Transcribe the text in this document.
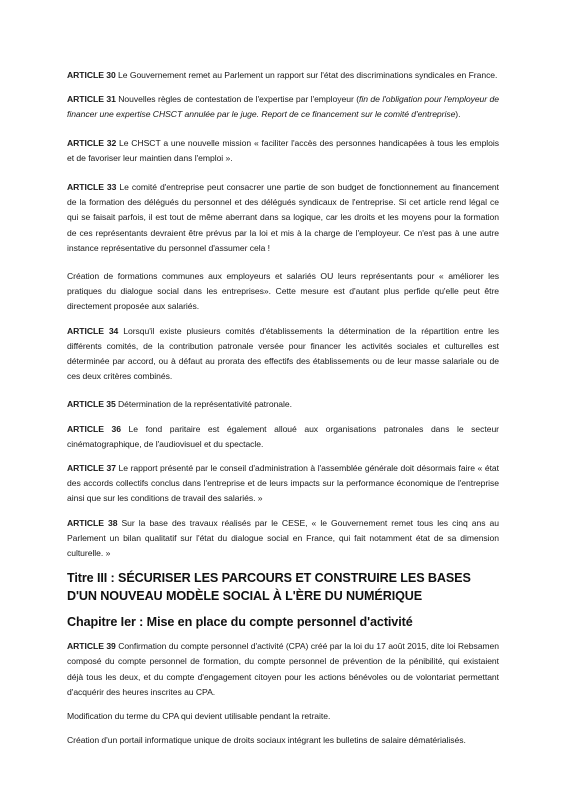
ARTICLE 30 Le Gouvernement remet au Parlement un rapport sur l'état des discriminations syndicales en France.

ARTICLE 31 Nouvelles règles de contestation de l'expertise par l'employeur (fin de l'obligation pour l'employeur de financer une expertise CHSCT annulée par le juge. Report de ce financement sur le comité d'entreprise).

ARTICLE 32 Le CHSCT a une nouvelle mission « faciliter l'accès des personnes handicapées à tous les emplois et de favoriser leur maintien dans l'emploi ».

ARTICLE 33 Le comité d'entreprise peut consacrer une partie de son budget de fonctionnement au financement de la formation des délégués du personnel et des délégués syndicaux de l'entreprise. Si cet article rend légal ce qui se faisait parfois, il est tout de même aberrant dans sa logique, car les droits et les moyens pour la formation de ces représentants devraient être prévus par la loi et mis à la charge de l'employeur. Ce n'est pas à une autre instance représentative du personnel d'assumer cela !

Création de formations communes aux employeurs et salariés OU leurs représentants pour « améliorer les pratiques du dialogue social dans les entreprises». Cette mesure est d'autant plus perfide qu'elle peut être directement proposée aux salariés.

ARTICLE 34 Lorsqu'il existe plusieurs comités d'établissements la détermination de la répartition entre les différents comités, de la contribution patronale versée pour financer les activités sociales et culturelles est déterminée par accord, ou à défaut au prorata des effectifs des établissements ou de leur masse salariale ou de ces deux critères combinés.

ARTICLE 35 Détermination de la représentativité patronale.

ARTICLE 36 Le fond paritaire est également alloué aux organisations patronales dans le secteur cinématographique, de l'audiovisuel et du spectacle.

ARTICLE 37 Le rapport présenté par le conseil d'administration à l'assemblée générale doit désormais faire « état des accords collectifs conclus dans l'entreprise et de leurs impacts sur la performance économique de l'entreprise ainsi que sur les conditions de travail des salariés. »

ARTICLE 38 Sur la base des travaux réalisés par le CESE, « le Gouvernement remet tous les cinq ans au Parlement un bilan qualitatif sur l'état du dialogue social en France, qui fait notamment état de sa dimension culturelle. »

Titre III : SÉCURISER LES PARCOURS ET CONSTRUIRE LES BASES D'UN NOUVEAU MODÈLE SOCIAL À L'ÈRE DU NUMÉRIQUE
Chapitre Ier : Mise en place du compte personnel d'activité

ARTICLE 39 Confirmation du compte personnel d'activité (CPA) créé par la loi du 17 août 2015, dite loi Rebsamen composé du compte personnel de formation, du compte personnel de prévention de la pénibilité, qui existaient déjà tous les deux, et du compte d'engagement citoyen pour les actions bénévoles ou de volontariat permettant d'acquérir des heures inscrites au CPA.

Modification du terme du CPA qui devient utilisable pendant la retraite.

Création d'un portail informatique unique de droits sociaux intégrant les bulletins de salaire dématérialisés.
